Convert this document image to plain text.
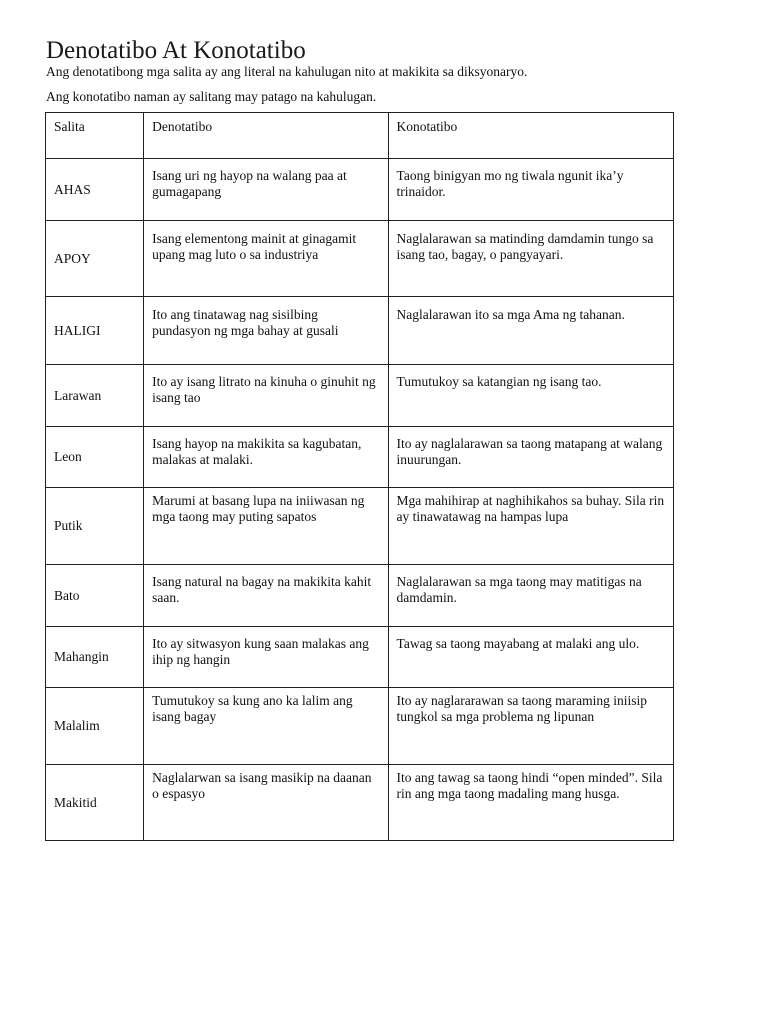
Denotatibo At Konotatibo
Ang denotatibong mga salita ay ang literal na kahulugan nito at makikita sa diksyonaryo.
Ang konotatibo naman ay salitang may patago na kahulugan.
Salita	Denotatibo	Konotatibo
AHAS	Isang uri ng hayop na walang paa at gumagapang	Taong binigyan mo ng tiwala ngunit ika’y trinaidor.
APOY	Isang elementong mainit at ginagamit upang mag luto o sa industriya	Naglalarawan sa matinding damdamin tungo sa isang tao, bagay, o pangyayari.
HALIGI	Ito ang tinatawag nag sisilbing pundasyon ng mga bahay at gusali	Naglalarawan ito sa mga Ama ng tahanan.
Larawan	Ito ay isang litrato na kinuha o ginuhit ng isang tao	Tumutukoy sa katangian ng isang tao.
Leon	Isang hayop na makikita sa kagubatan, malakas at malaki.	Ito ay naglalarawan sa taong matapang at walang inuurungan.
Putik	Marumi at basang lupa na iniiwasan ng mga taong may puting sapatos	Mga mahihirap at naghihikahos sa buhay. Sila rin ay tinawatawag na hampas lupa
Bato	Isang natural na bagay na makikita kahit saan.	Naglalarawan sa mga taong may matitigas na damdamin.
Mahangin	Ito ay sitwasyon kung saan malakas ang ihip ng hangin	Tawag sa taong mayabang at malaki ang ulo.
Malalim	Tumutukoy sa kung ano ka lalim ang isang bagay	Ito ay naglararawan sa taong maraming iniisip tungkol sa mga problema ng lipunan
Makitid	Naglalarwan sa isang masikip na daanan o espasyo	Ito ang tawag sa taong hindi “open minded”. Sila rin ang mga taong madaling mang husga.
